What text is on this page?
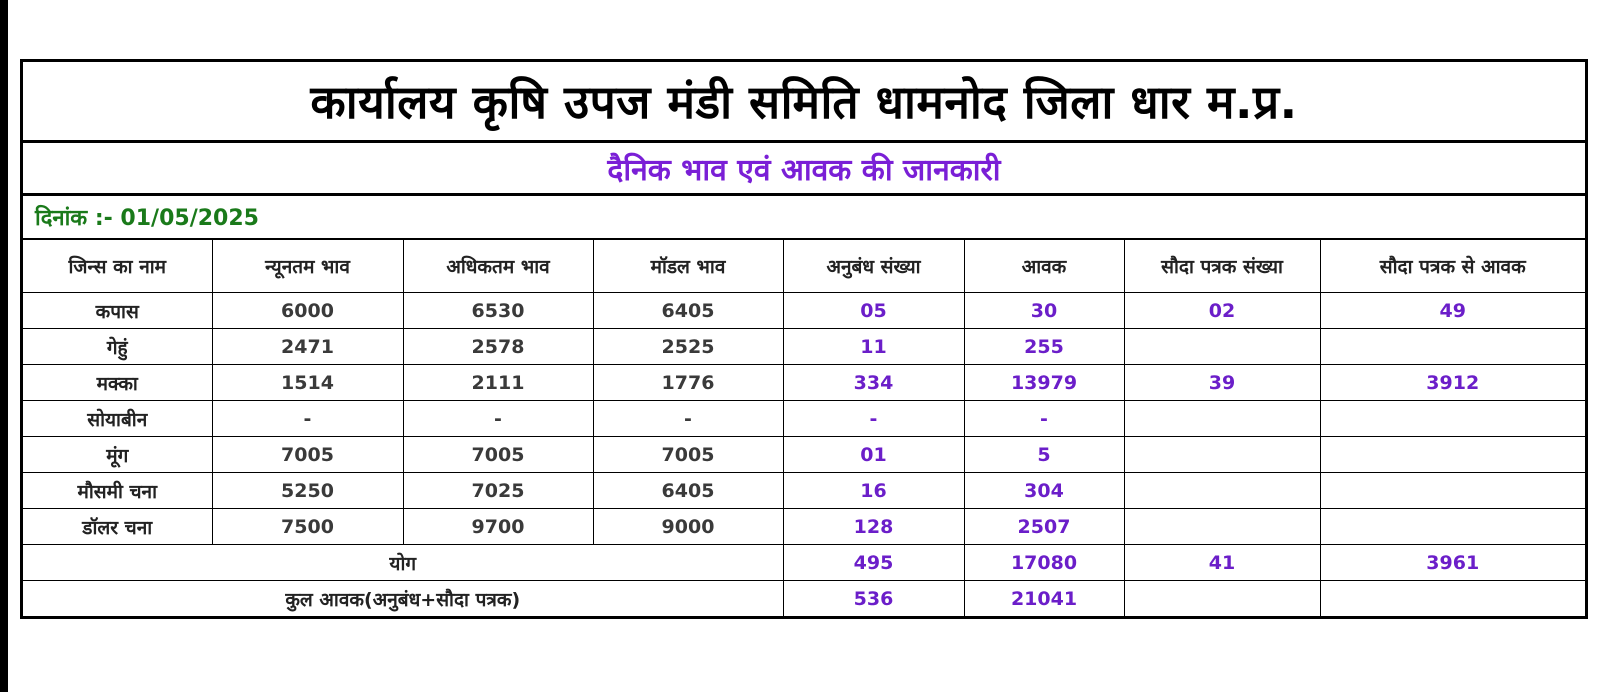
कार्यालय कृषि उपज मंडी समिति धामनोद जिला धार म.प्र.
दैनिक भाव एवं आवक की जानकारी
दिनांक :- 01/05/2025
जिन्स का नाम	न्यूनतम भाव	अधिकतम भाव	मॉडल भाव	अनुबंध संख्या	आवक	सौदा पत्रक संख्या	सौदा पत्रक से आवक
कपास	6000	6530	6405	05	30	02	49
गेहुं	2471	2578	2525	11	255		
मक्का	1514	2111	1776	334	13979	39	3912
सोयाबीन	-	-	-	-	-		
मूंग	7005	7005	7005	01	5		
मौसमी चना	5250	7025	6405	16	304		
डॉलर चना	7500	9700	9000	128	2507		
योग				495	17080	41	3961
कुल आवक(अनुबंध+सौदा पत्रक)				536	21041		
